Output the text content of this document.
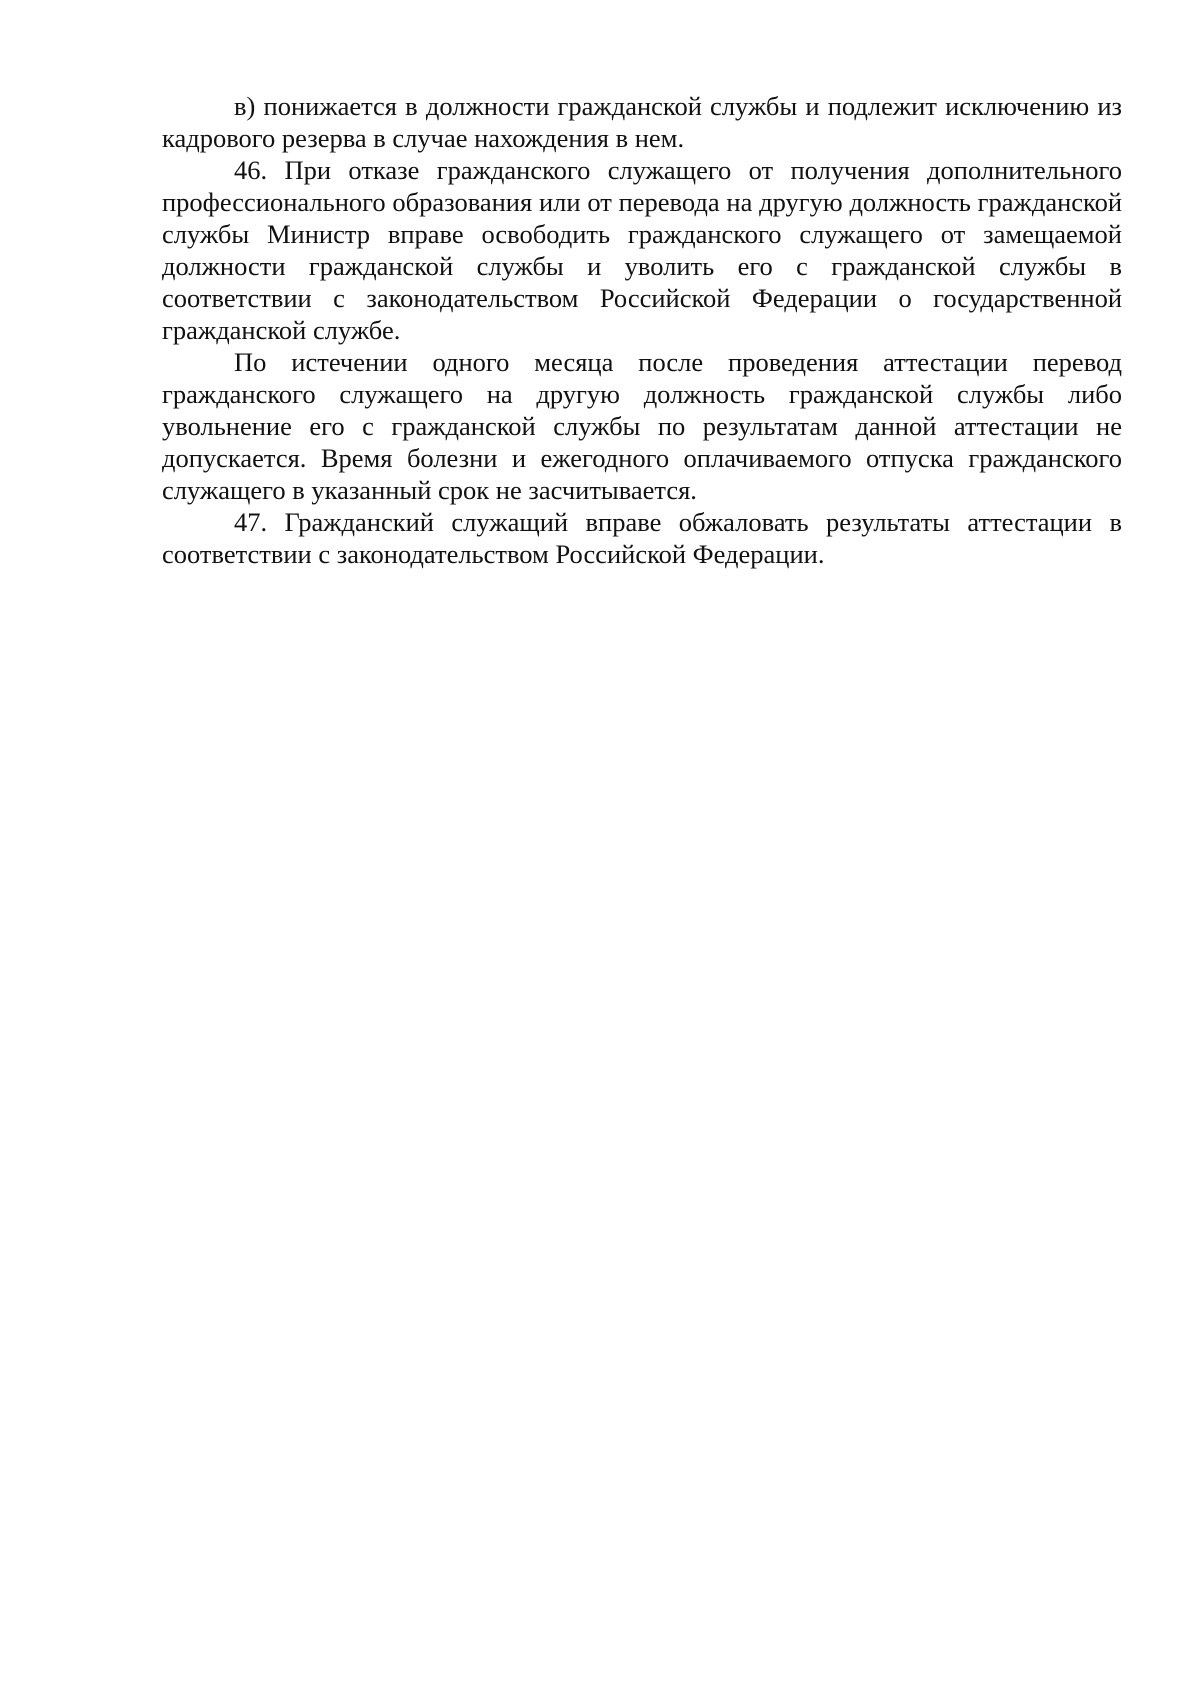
в) понижается в должности гражданской службы и подлежит исключению из кадрового резерва в случае нахождения в нем.

46. При отказе гражданского служащего от получения дополнительного профессионального образования или от перевода на другую должность гражданской службы Министр вправе освободить гражданского служащего от замещаемой должности гражданской службы и уволить его с гражданской службы в соответствии с законодательством Российской Федерации о государственной гражданской службе.

По истечении одного месяца после проведения аттестации перевод гражданского служащего на другую должность гражданской службы либо увольнение его с гражданской службы по результатам данной аттестации не допускается. Время болезни и ежегодного оплачиваемого отпуска гражданского служащего в указанный срок не засчитывается.

47. Гражданский служащий вправе обжаловать результаты аттестации в соответствии с законодательством Российской Федерации.
